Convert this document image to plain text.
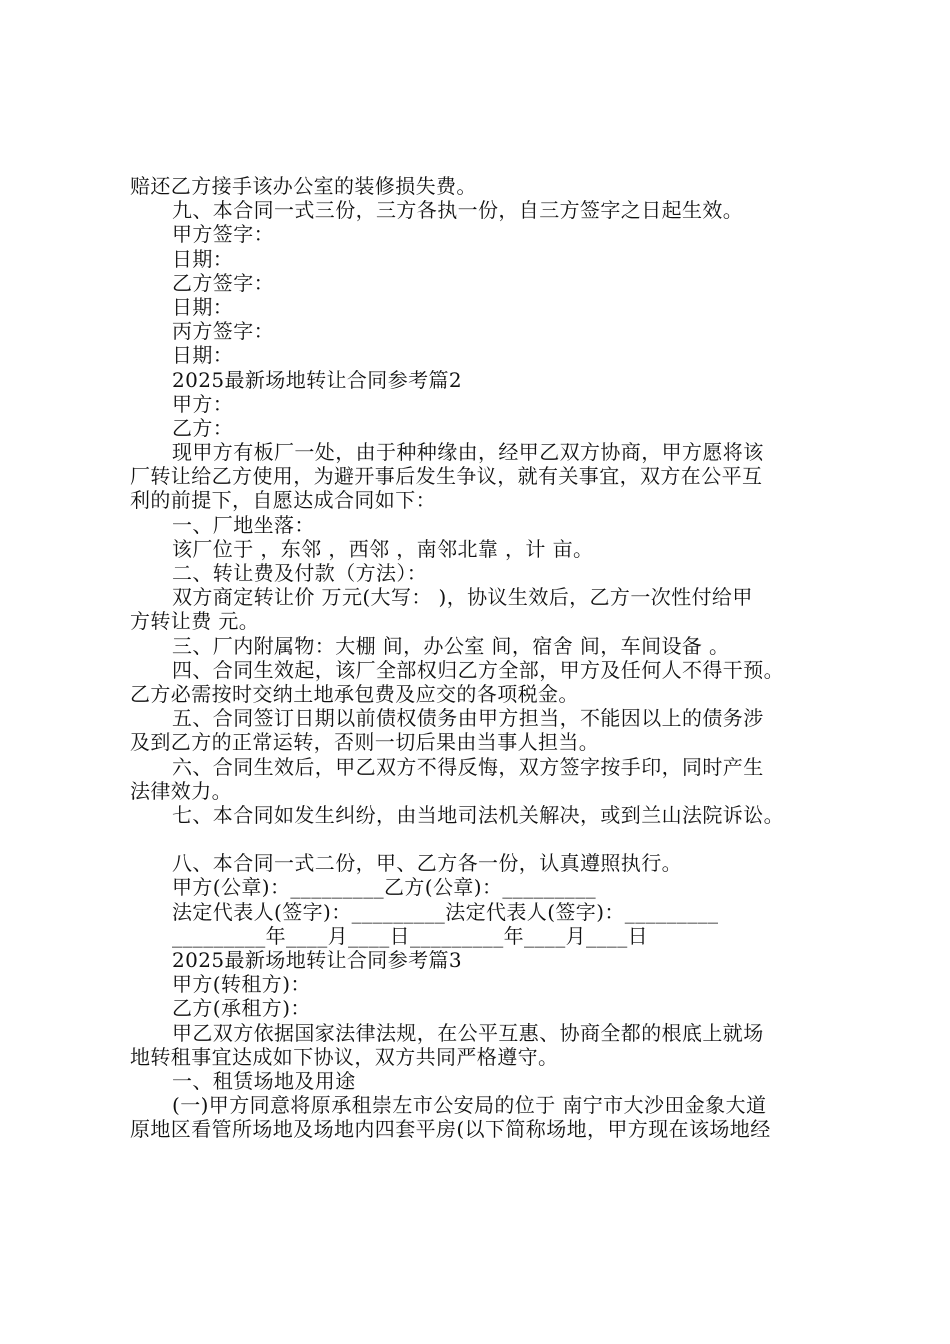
赔还乙方接手该办公室的装修损失费。
九、本合同一式三份，三方各执一份，自三方签字之日起生效。
甲方签字：
日期：
乙方签字：
日期：
丙方签字：
日期：
2025最新场地转让合同参考篇2
甲方：
乙方：
现甲方有板厂一处，由于种种缘由，经甲乙双方协商，甲方愿将该
厂转让给乙方使用，为避开事后发生争议，就有关事宜，双方在公平互
利的前提下，自愿达成合同如下：
一、厂地坐落：
该厂位于 ，东邻 ，西邻 ，南邻北靠 ，计 亩。
二、转让费及付款（方法）：
双方商定转让价 万元(大写： )，协议生效后，乙方一次性付给甲
方转让费 元。
三、厂内附属物：大棚 间，办公室 间，宿舍 间，车间设备 。
四、合同生效起，该厂全部权归乙方全部，甲方及任何人不得干预。
乙方必需按时交纳土地承包费及应交的各项税金。
五、合同签订日期以前债权债务由甲方担当，不能因以上的债务涉
及到乙方的正常运转，否则一切后果由当事人担当。
六、合同生效后，甲乙双方不得反悔，双方签字按手印，同时产生
法律效力。
七、本合同如发生纠纷，由当地司法机关解决，或到兰山法院诉讼。
八、本合同一式二份，甲、乙方各一份，认真遵照执行。
甲方(公章)：_________乙方(公章)：_________
法定代表人(签字)：_________法定代表人(签字)：_________
_________年____月____日_________年____月____日
2025最新场地转让合同参考篇3
甲方(转租方)：
乙方(承租方)：
甲乙双方依据国家法律法规，在公平互惠、协商全都的根底上就场
地转租事宜达成如下协议，双方共同严格遵守。
一、租赁场地及用途
(一)甲方同意将原承租崇左市公安局的位于 南宁市大沙田金象大道
原地区看管所场地及场地内四套平房(以下简称场地，甲方现在该场地经
